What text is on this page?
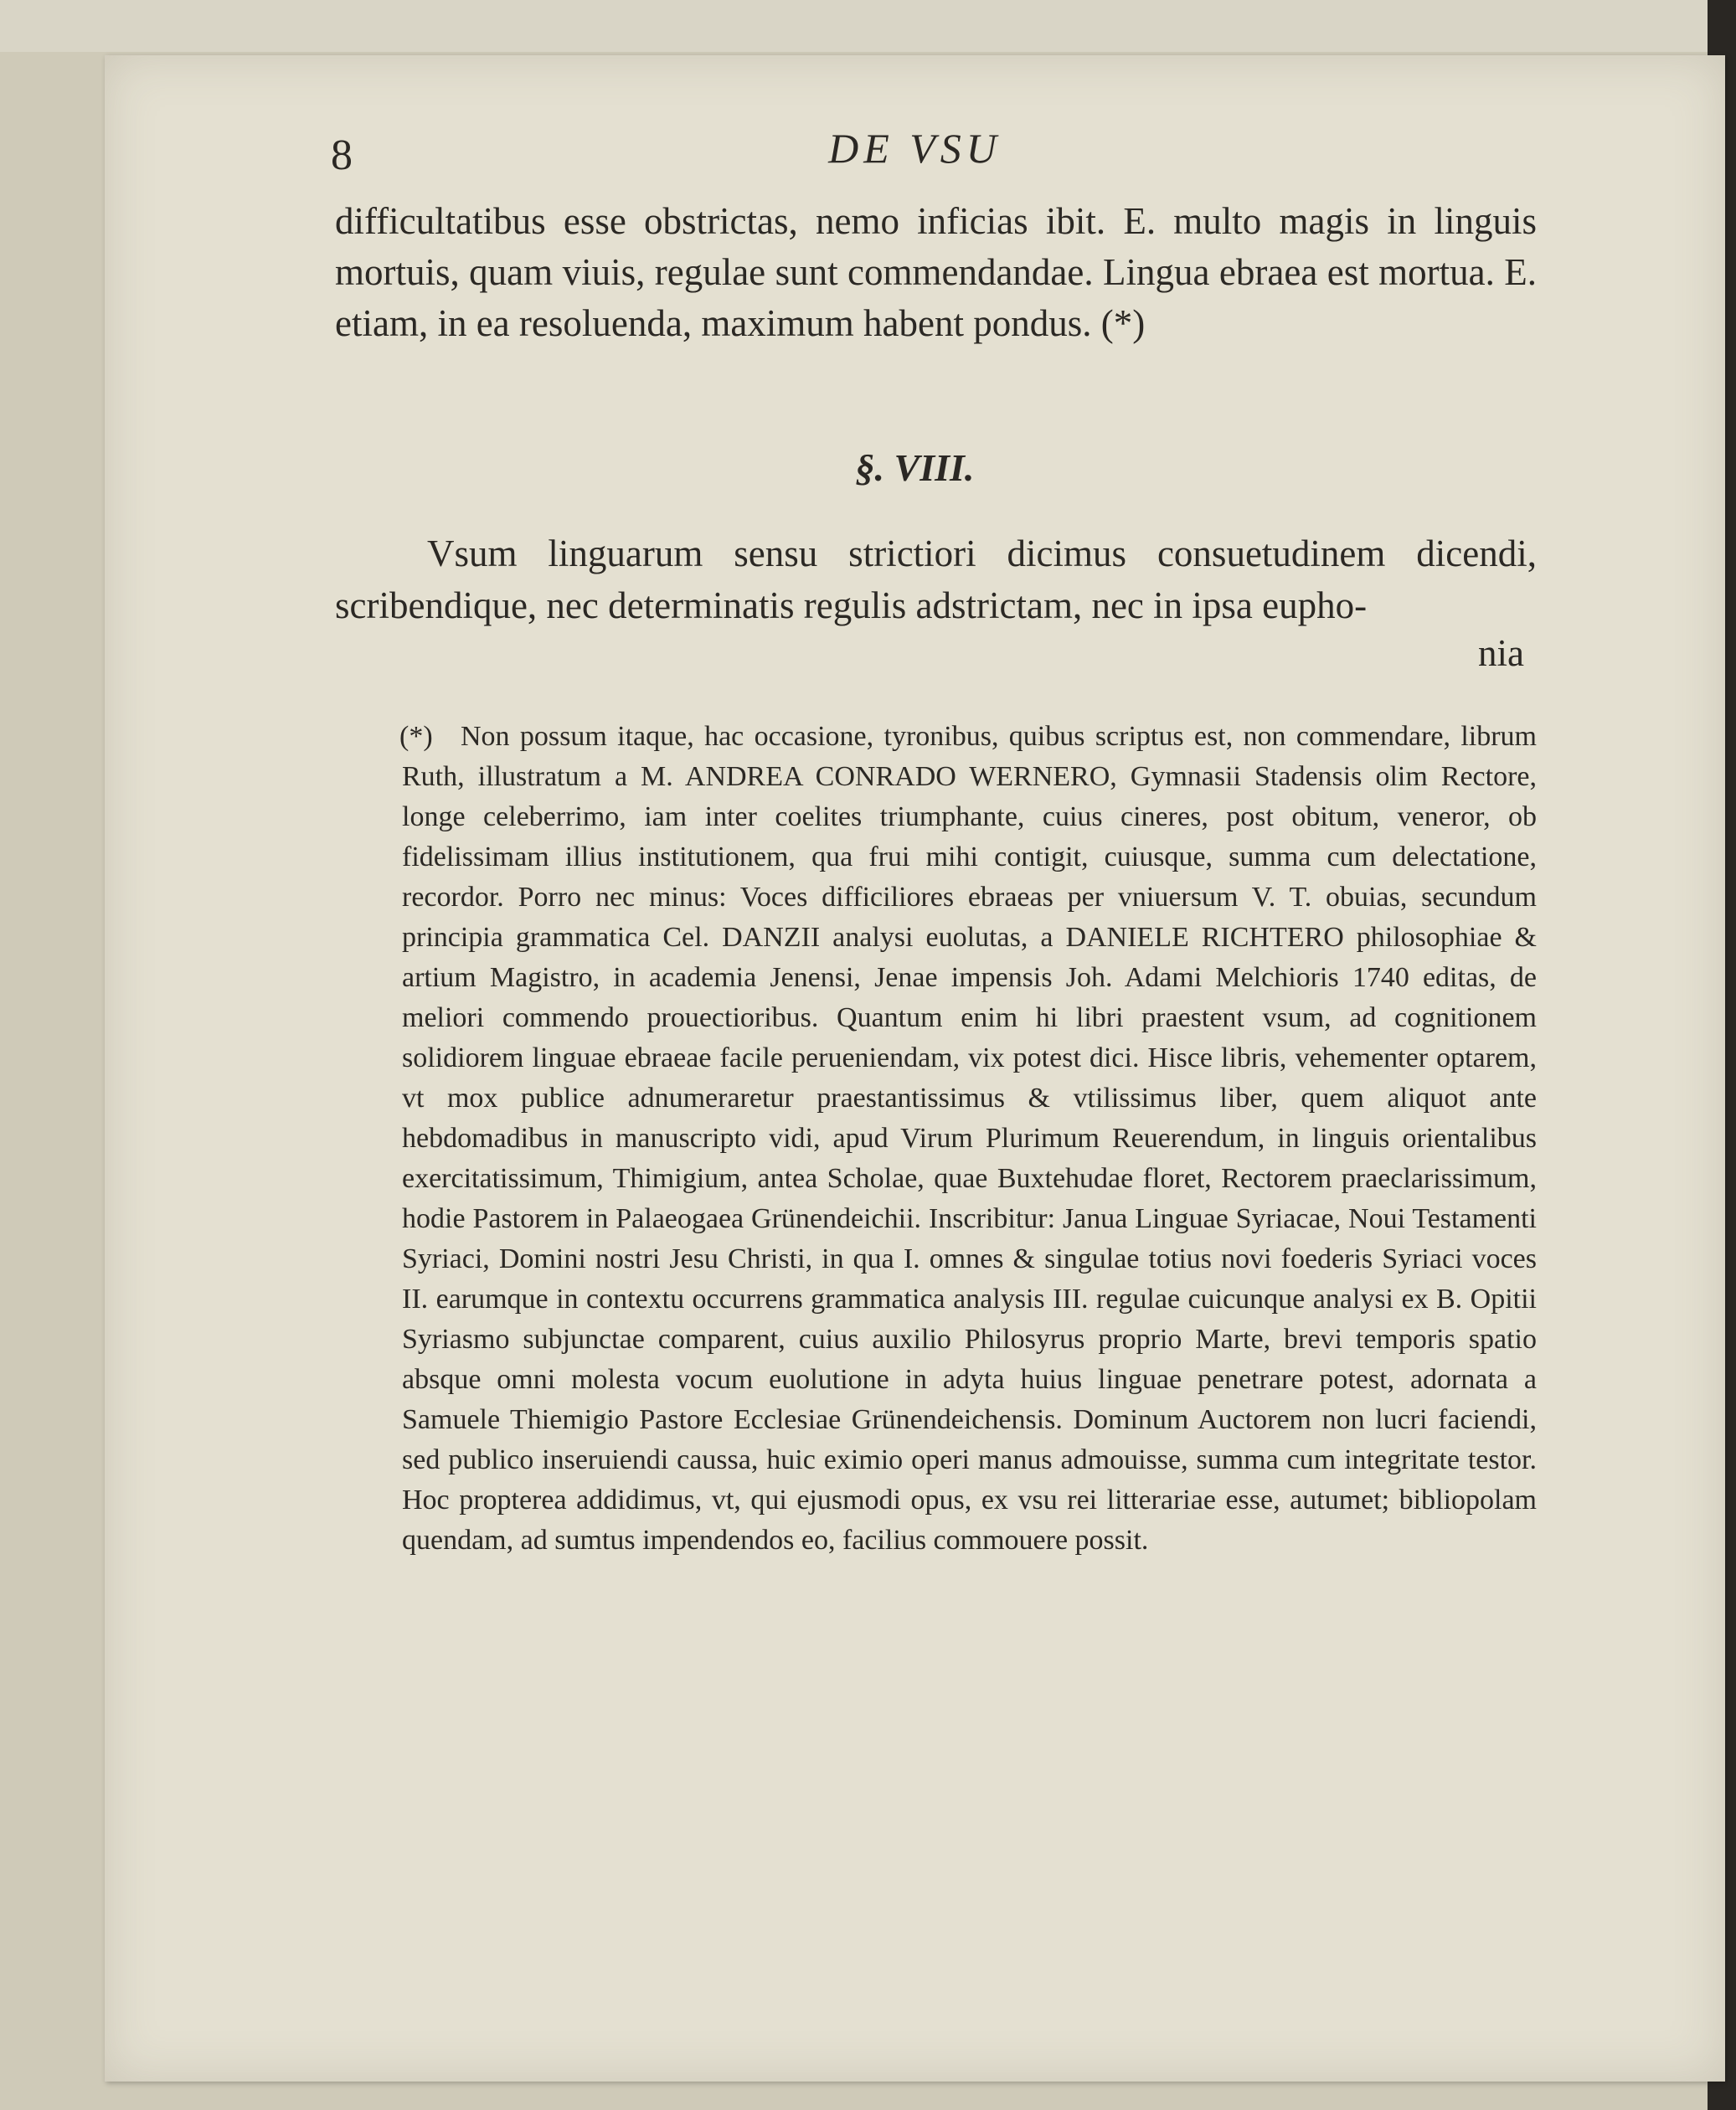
8	DE VSU

difficultatibus esse obstrictas, nemo inficias ibit. E. multo magis in linguis mortuis, quam viuis, regulae sunt commendandae. Lingua ebraea est mortua. E. etiam, in ea resoluenda, maximum habent pondus. (*)

§. VIII.

Vsum linguarum sensu strictiori dicimus consuetudinem dicendi, scribendique, nec determinatis regulis adstrictam, nec in ipsa eupho-

nia
(*) Non possum itaque, hac occasione, tyronibus, quibus scriptus est, non commendare, librum Ruth, illustratum a M. ANDREA CONRADO WERNERO, Gymnasii Stadensis olim Rectore, longe celeberrimo, iam inter coelites triumphante, cuius cineres, post obitum, veneror, ob fidelissimam illius institutionem, qua frui mihi contigit, cuiusque, summa cum delectatione, recordor. Porro nec minus: Voces difficiliores ebraeas per vniuersum V. T. obuias, secundum principia grammatica Cel. DANZII analysi euolutas, a DANIELE RICHTERO philosophiae & artium Magistro, in academia Jenensi, Jenae impensis Joh. Adami Melchioris 1740 editas, de meliori commendo prouectioribus. Quantum enim hi libri praestent vsum, ad cognitionem solidiorem linguae ebraeae facile perueniendam, vix potest dici. Hisce libris, vehementer optarem, vt mox publice adnumeraretur praestantissimus & vtilissimus liber, quem aliquot ante hebdomadibus in manuscripto vidi, apud Virum Plurimum Reuerendum, in linguis orientalibus exercitatissimum, Thimigium, antea Scholae, quae Buxtehudae floret, Rectorem praeclarissimum, hodie Pastorem in Palaeogaea Grünendeichii. Inscribitur: Janua Linguae Syriacae, Noui Testamenti Syriaci, Domini nostri Jesu Christi, in qua I. omnes & singulae totius novi foederis Syriaci voces II. earumque in contextu occurrens grammatica analysis III. regulae cuicunque analysi ex B. Opitii Syriasmo subjunctae comparent, cuius auxilio Philosyrus proprio Marte, brevi temporis spatio absque omni molesta vocum euolutione in adyta huius linguae penetrare potest, adornata a Samuele Thiemigio Pastore Ecclesiae Grünendeichensis. Dominum Auctorem non lucri faciendi, sed publico inseruiendi caussa, huic eximio operi manus admouisse, summa cum integritate testor. Hoc propterea addidimus, vt, qui ejusmodi opus, ex vsu rei litterariae esse, autumet; bibliopolam quendam, ad sumtus impendendos eo, facilius commouere possit.
